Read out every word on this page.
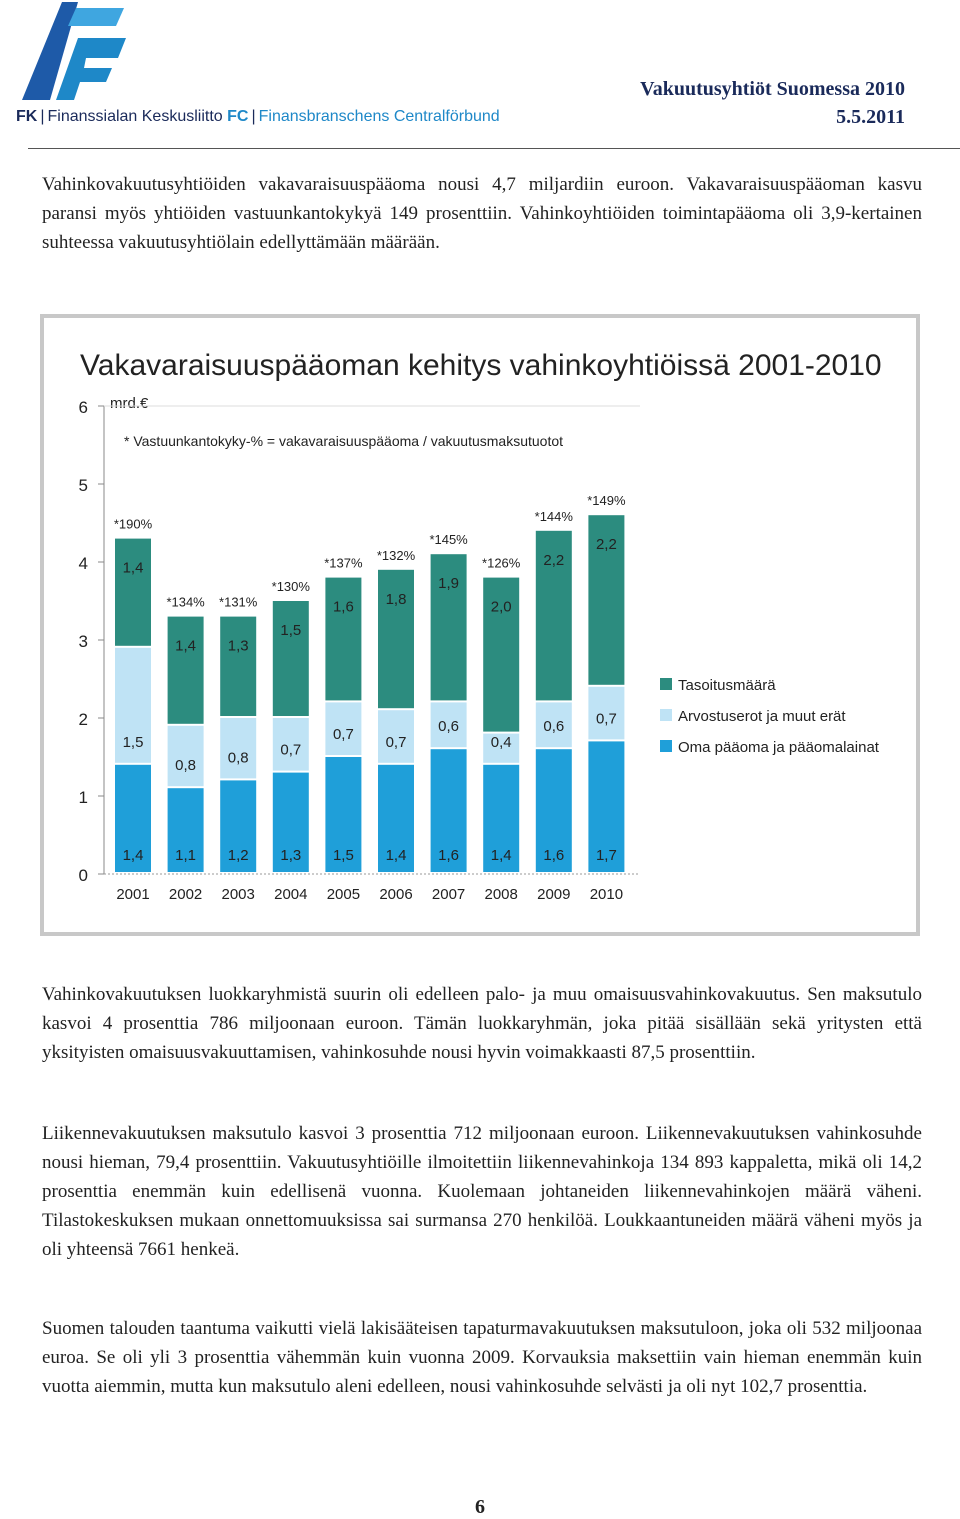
FK | Finanssialan Keskusliitto FC | Finansbranschens Centralförbund
Vakuutusyhtiöt Suomessa 2010
5.5.2011

Vahinkovakuutusyhtiöiden vakavaraisuuspääoma nousi 4,7 miljardiin euroon. Vakavaraisuuspääoman kasvu paransi myös yhtiöiden vastuunkantokykyä 149 prosenttiin. Vahinkoyhtiöiden toimintapääoma oli 3,9-kertainen suhteessa vakuutusyhtiölain edellyttämään määrään.

Vakavaraisuuspääoman kehitys vahinkoyhtiöissä 2001-2010
mrd.€
* Vastuunkantokyky-% = vakavaraisuuspääoma / vakuutusmaksutuotot
0
1
2
3
4
5
6
1,4
1,5
1,4
*190%
2001
1,1
0,8
1,4
*134%
2002
1,2
0,8
1,3
*131%
2003
1,3
0,7
1,5
*130%
2004
1,5
0,7
1,6
*137%
2005
1,4
0,7
1,8
*132%
2006
1,6
0,6
1,9
*145%
2007
1,4
0,4
2,0
*126%
2008
1,6
0,6
2,2
*144%
2009
1,7
0,7
2,2
*149%
2010
Tasoitusmäärä
Arvostuserot ja muut erät
Oma pääoma ja pääomalainat

Vahinkovakuutuksen luokkaryhmistä suurin oli edelleen palo- ja muu omaisuusvahinkovakuutus. Sen maksutulo kasvoi 4 prosenttia 786 miljoonaan euroon. Tämän luokkaryhmän, joka pitää sisällään sekä yritysten että yksityisten omaisuusvakuuttamisen, vahinkosuhde nousi hyvin voimakkaasti 87,5 prosenttiin.

Liikennevakuutuksen maksutulo kasvoi 3 prosenttia 712 miljoonaan euroon. Liikennevakuutuksen vahinkosuhde nousi hieman, 79,4 prosenttiin. Vakuutusyhtiöille ilmoitettiin liikennevahinkoja 134 893 kappaletta, mikä oli 14,2 prosenttia enemmän kuin edellisenä vuonna. Kuolemaan johtaneiden liikennevahinkojen määrä väheni. Tilastokeskuksen mukaan onnettomuuksissa sai surmansa 270 henkilöä. Loukkaantuneiden määrä väheni myös ja oli yhteensä 7661 henkeä.

Suomen talouden taantuma vaikutti vielä lakisääteisen tapaturmavakuutuksen maksutuloon, joka oli 532 miljoonaa euroa. Se oli yli 3 prosenttia vähemmän kuin vuonna 2009. Korvauksia maksettiin vain hieman enemmän kuin vuotta aiemmin, mutta kun maksutulo aleni edelleen, nousi vahinkosuhde selvästi ja oli nyt 102,7 prosenttia.

6
